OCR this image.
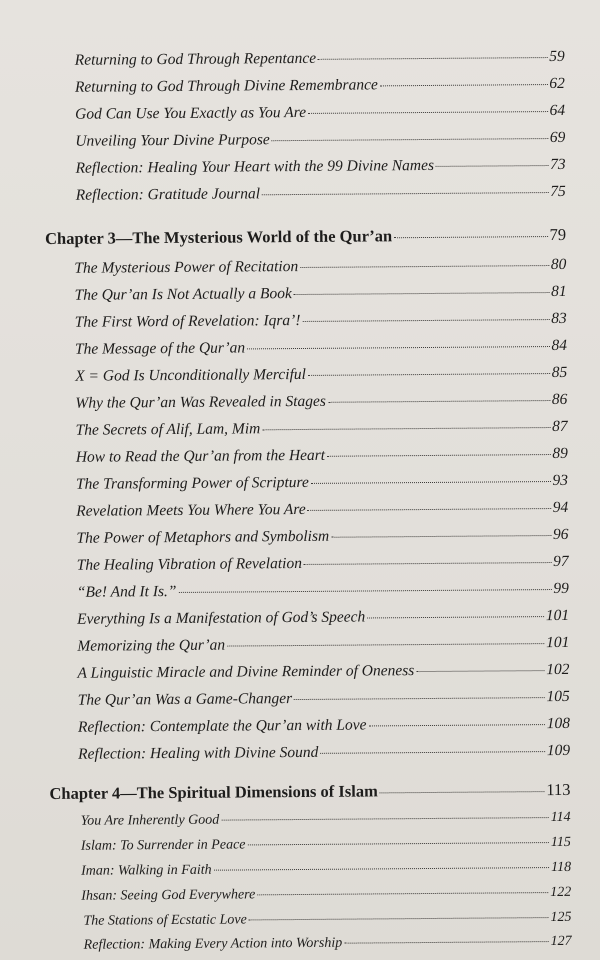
Returning to God Through Repentance	59
Returning to God Through Divine Remembrance	62
God Can Use You Exactly as You Are	64
Unveiling Your Divine Purpose	69
Reflection: Healing Your Heart with the 99 Divine Names	73
Reflection: Gratitude Journal	75
Chapter 3—The Mysterious World of the Qur’an	79
The Mysterious Power of Recitation	80
The Qur’an Is Not Actually a Book	81
The First Word of Revelation: Iqra’!	83
The Message of the Qur’an	84
X = God Is Unconditionally Merciful	85
Why the Qur’an Was Revealed in Stages	86
The Secrets of Alif, Lam, Mim	87
How to Read the Qur’an from the Heart	89
The Transforming Power of Scripture	93
Revelation Meets You Where You Are	94
The Power of Metaphors and Symbolism	96
The Healing Vibration of Revelation	97
“Be! And It Is.”	99
Everything Is a Manifestation of God’s Speech	101
Memorizing the Qur’an	101
A Linguistic Miracle and Divine Reminder of Oneness	102
The Qur’an Was a Game-Changer	105
Reflection: Contemplate the Qur’an with Love	108
Reflection: Healing with Divine Sound	109
Chapter 4—The Spiritual Dimensions of Islam	113
You Are Inherently Good	114
Islam: To Surrender in Peace	115
Iman: Walking in Faith	118
Ihsan: Seeing God Everywhere	122
The Stations of Ecstatic Love	125
Reflection: Making Every Action into Worship	127
